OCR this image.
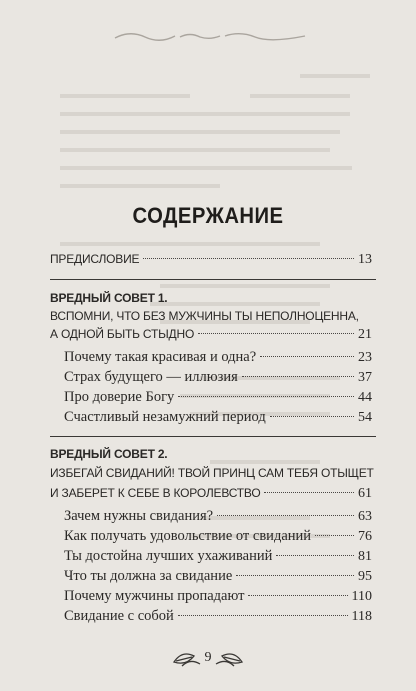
СОДЕРЖАНИЕ
ПРЕДИСЛОВИЕ	13
ВРЕДНЫЙ СОВЕТ 1.
ВСПОМНИ, ЧТО БЕЗ МУЖЧИНЫ ТЫ НЕПОЛНОЦЕННА,
А ОДНОЙ БЫТЬ СТЫДНО	21
Почему такая красивая и одна?	23
Страх будущего — иллюзия	37
Про доверие Богу	44
Счастливый незамужний период	54
ВРЕДНЫЙ СОВЕТ 2.
ИЗБЕГАЙ СВИДАНИЙ! ТВОЙ ПРИНЦ САМ ТЕБЯ ОТЫЩЕТ
И ЗАБЕРЕТ К СЕБЕ В КОРОЛЕВСТВО	61
Зачем нужны свидания?	63
Как получать удовольствие от свиданий	76
Ты достойна лучших ухаживаний	81
Что ты должна за свидание	95
Почему мужчины пропадают	110
Свидание с собой	118
9
